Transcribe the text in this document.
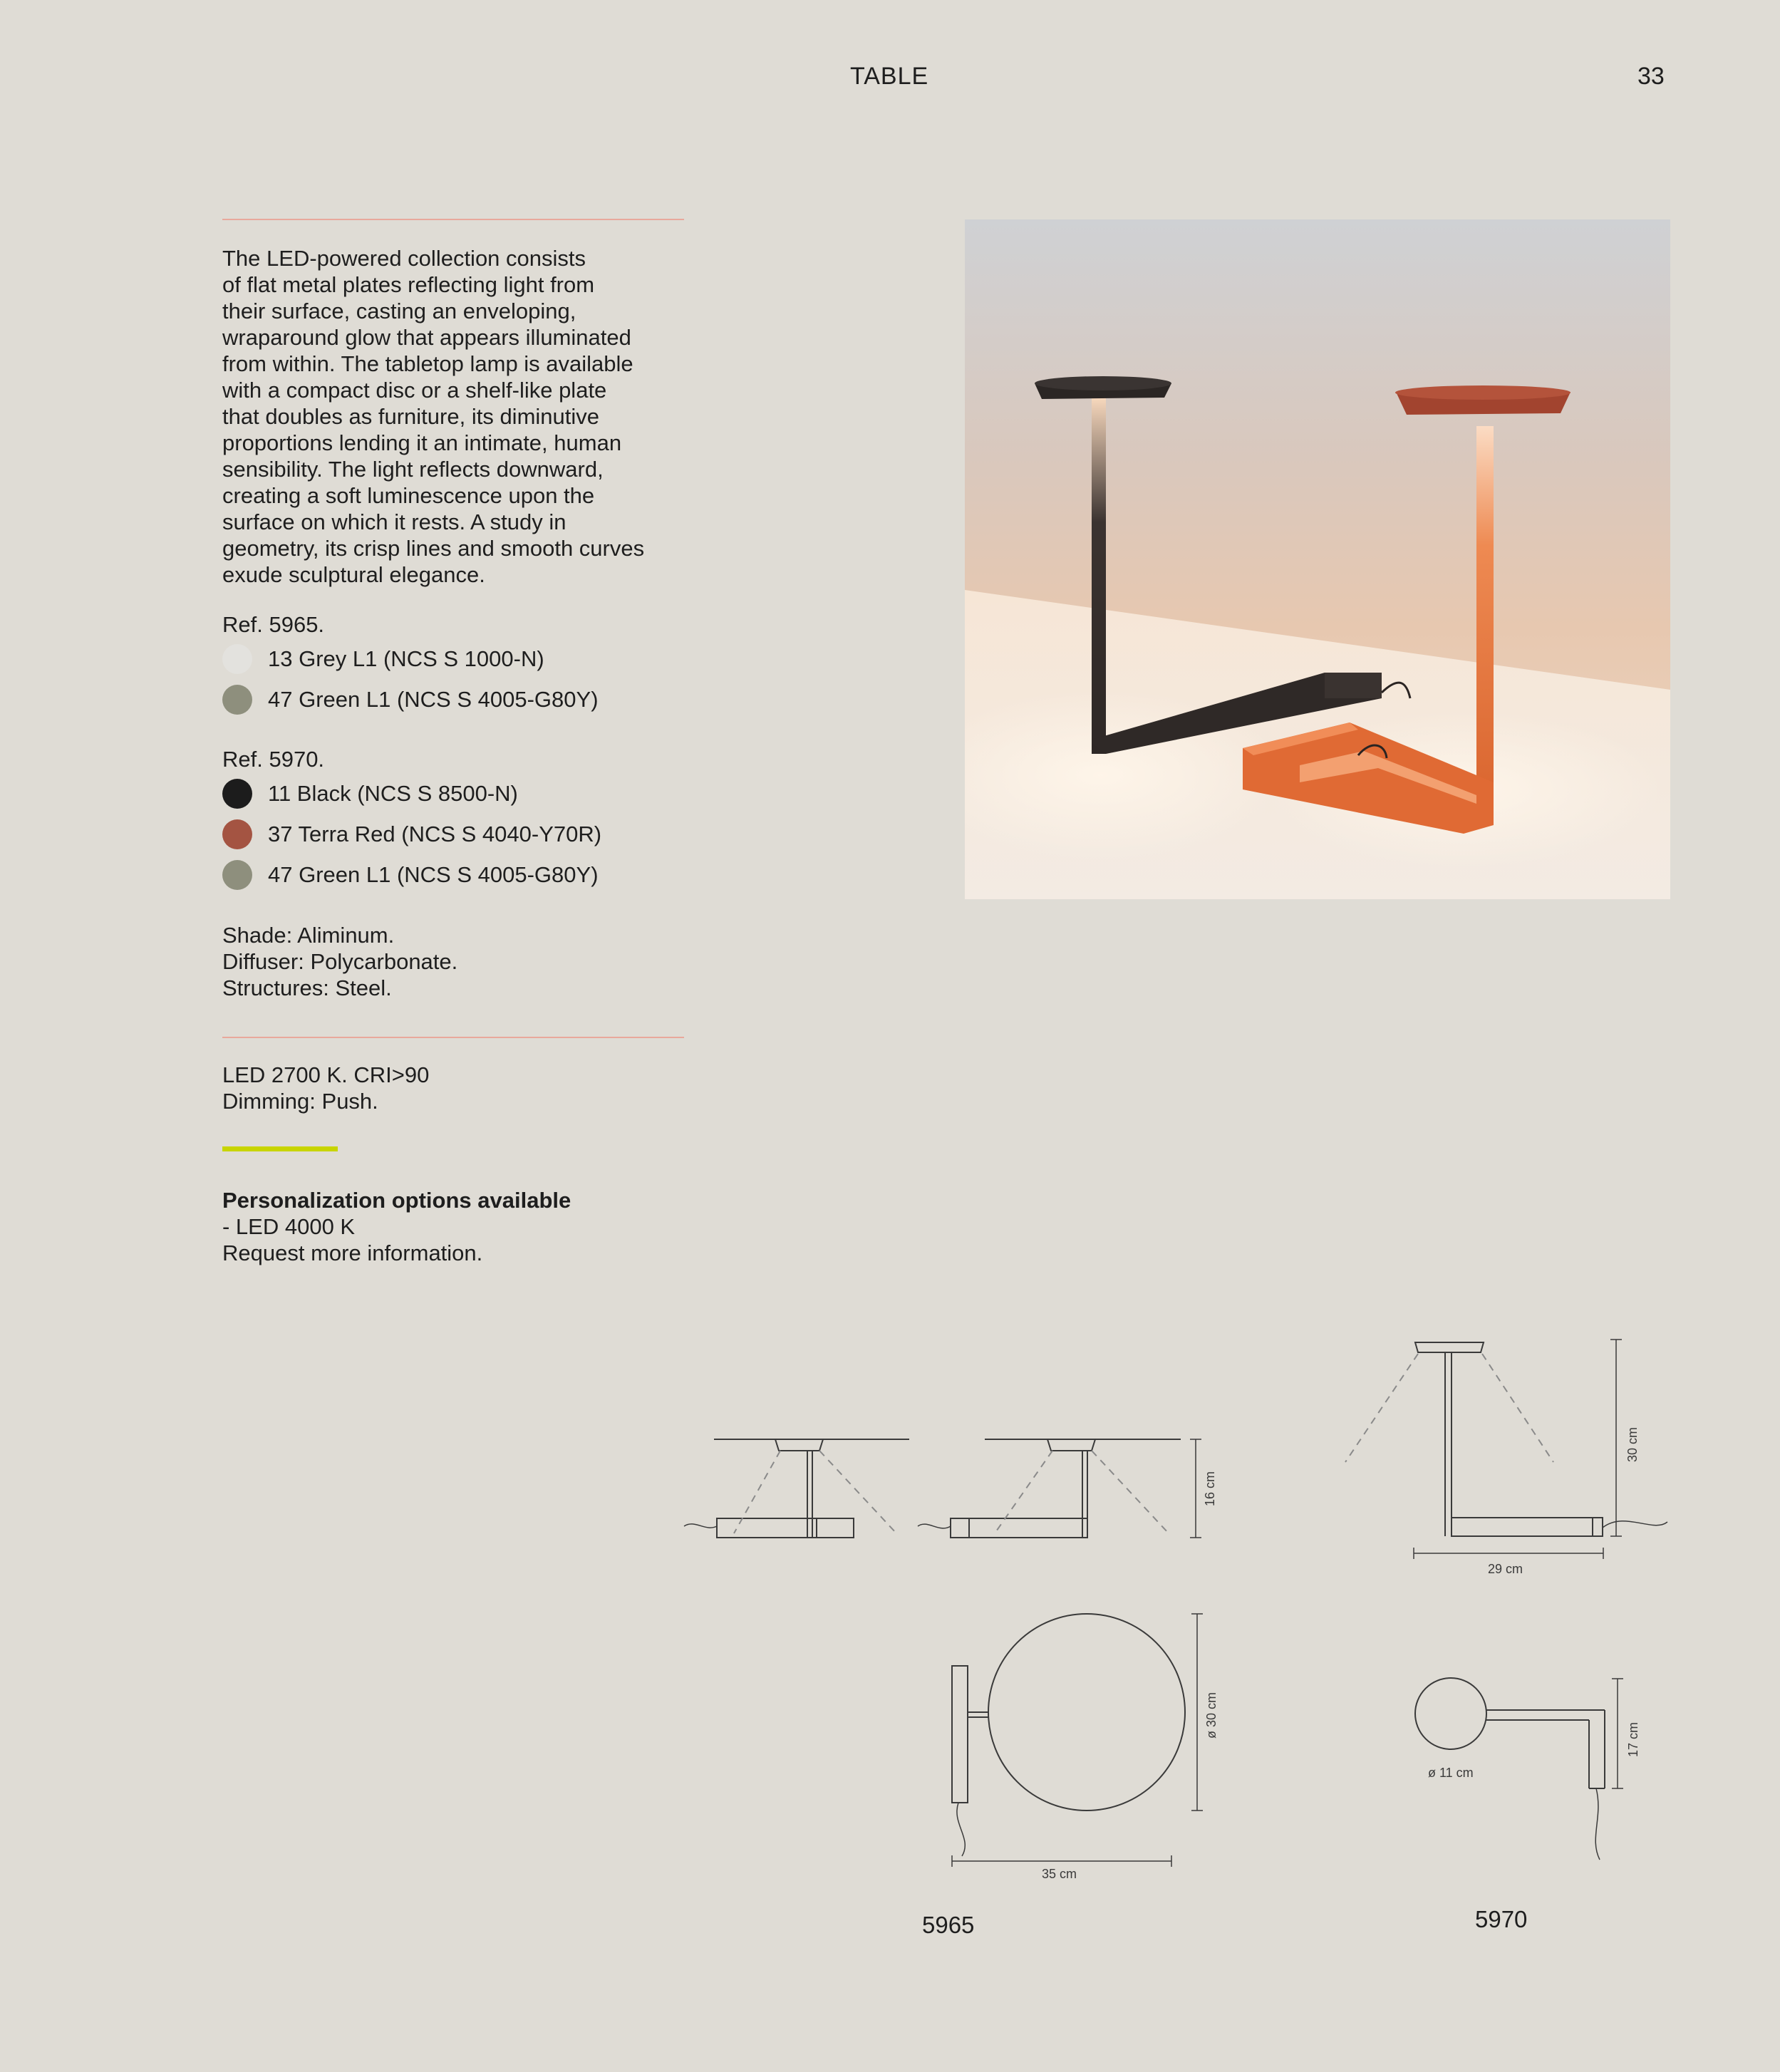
TABLE	33
The LED-powered collection consists
of flat metal plates reflecting light from
their surface, casting an enveloping,
wraparound glow that appears illuminated
from within. The tabletop lamp is available
with a compact disc or a shelf-like plate
that doubles as furniture, its diminutive
proportions lending it an intimate, human
sensibility. The light reflects downward,
creating a soft luminescence upon the
surface on which it rests. A study in
geometry, its crisp lines and smooth curves
exude sculptural elegance.
Ref. 5965.
13 Grey L1 (NCS S 1000-N)
47 Green L1 (NCS S 4005-G80Y)
Ref. 5970.
11 Black (NCS S 8500-N)
37 Terra Red (NCS S 4040-Y70R)
47 Green L1 (NCS S 4005-G80Y)
Shade: Aliminum.
Diffuser: Polycarbonate.
Structures: Steel.
LED 2700 K. CRI>90
Dimming: Push.
Personalization options available
- LED 4000 K
Request more information.
16 cm
30 cm
29 cm
ø 30 cm
35 cm
ø 11 cm
17 cm
5965	5970
